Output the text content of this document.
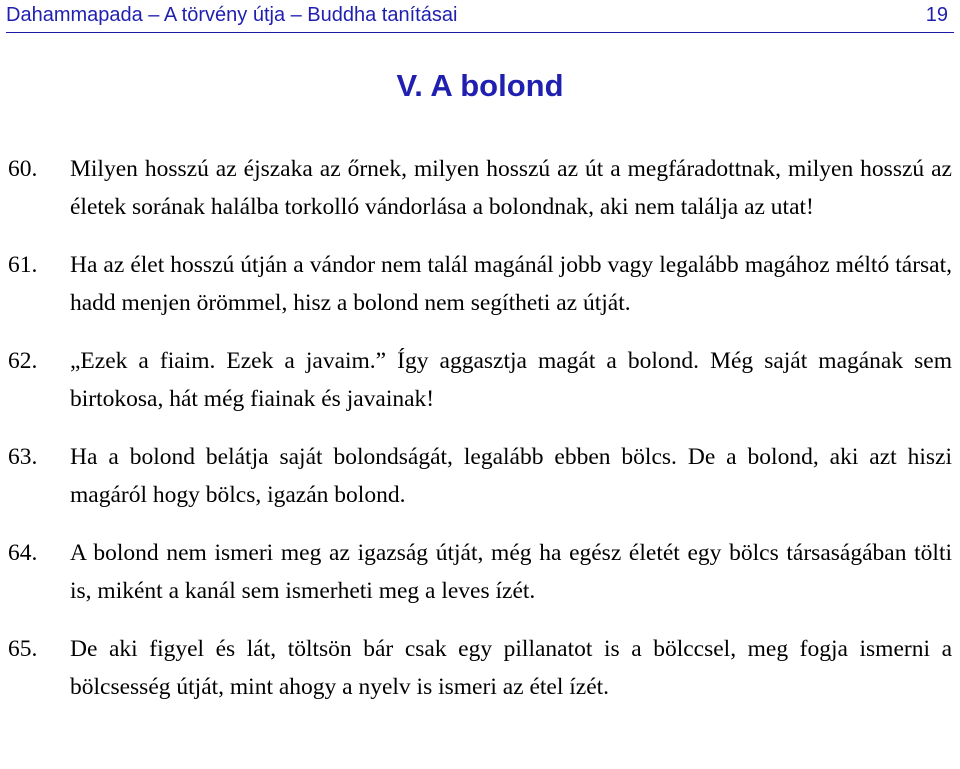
Dahammapada – A törvény útja – Buddha tanításai	19
V. A bolond
60. Milyen hosszú az éjszaka az őrnek, milyen hosszú az út a megfáradottnak, milyen hosszú az életek sorának halálba torkolló vándorlása a bolondnak, aki nem találja az utat!
61. Ha az élet hosszú útján a vándor nem talál magánál jobb vagy legalább magához méltó társat, hadd menjen örömmel, hisz a bolond nem segítheti az útját.
62. „Ezek a fiaim. Ezek a javaim.” Így aggasztja magát a bolond. Még saját magának sem birtokosa, hát még fiainak és javainak!
63. Ha a bolond belátja saját bolondságát, legalább ebben bölcs. De a bolond, aki azt hiszi magáról hogy bölcs, igazán bolond.
64. A bolond nem ismeri meg az igazság útját, még ha egész életét egy bölcs társaságában tölti is, miként a kanál sem ismerheti meg a leves ízét.
65. De aki figyel és lát, töltsön bár csak egy pillanatot is a bölccsel, meg fogja ismerni a bölcsesség útját, mint ahogy a nyelv is ismeri az étel ízét.
